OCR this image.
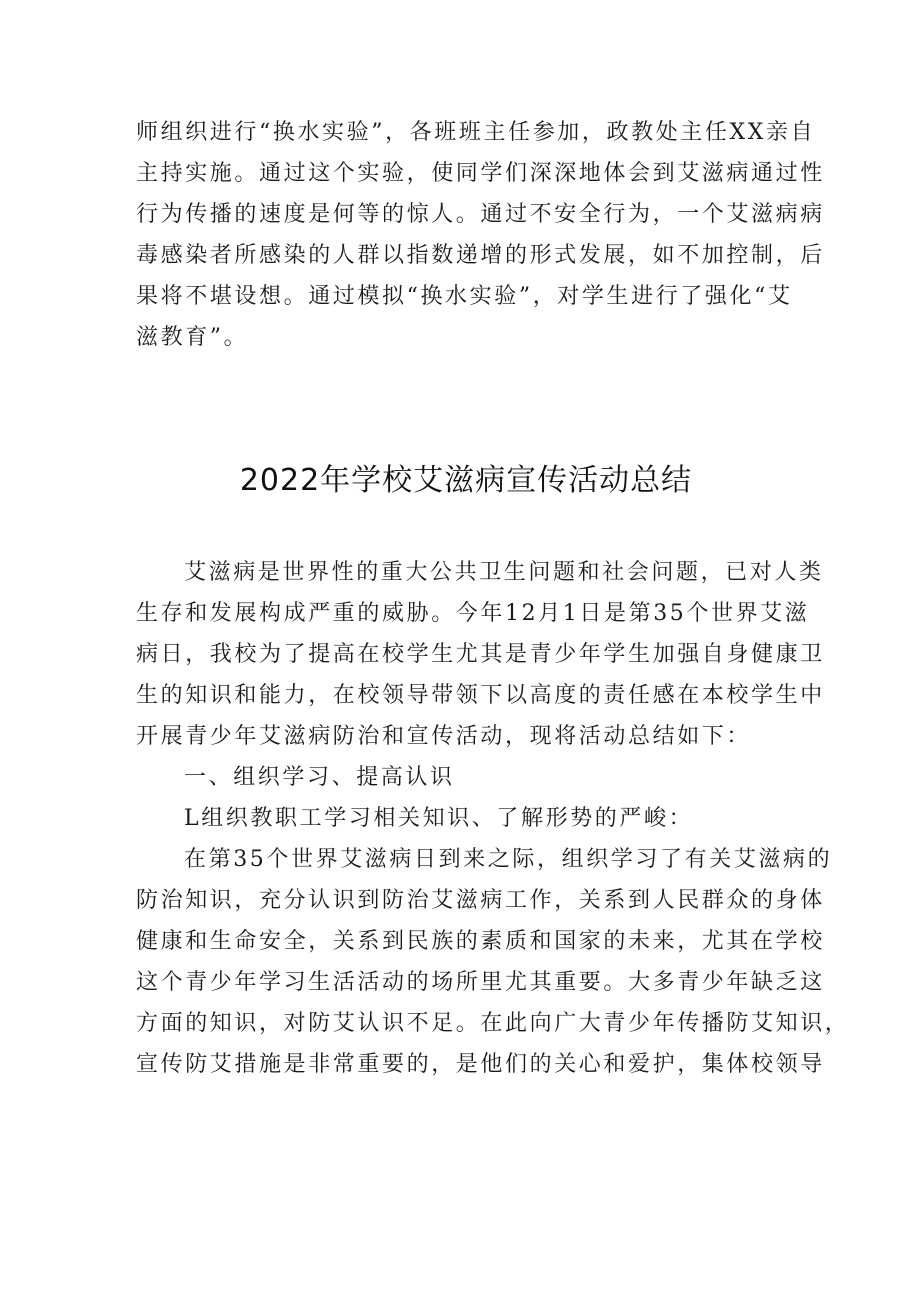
师组织进行“换水实验”，各班班主任参加，政教处主任XX亲自

主持实施。通过这个实验，使同学们深深地体会到艾滋病通过性

行为传播的速度是何等的惊人。通过不安全行为，一个艾滋病病

毒感染者所感染的人群以指数递增的形式发展，如不加控制，后

果将不堪设想。通过模拟“换水实验”，对学生进行了强化“艾

滋教育”。

2022年学校艾滋病宣传活动总结

艾滋病是世界性的重大公共卫生问题和社会问题，已对人类

生存和发展构成严重的威胁。今年12月1日是第35个世界艾滋

病日，我校为了提高在校学生尤其是青少年学生加强自身健康卫

生的知识和能力，在校领导带领下以高度的责任感在本校学生中

开展青少年艾滋病防治和宣传活动，现将活动总结如下：

一、组织学习、提高认识

L组织教职工学习相关知识、了解形势的严峻：

在第35个世界艾滋病日到来之际，组织学习了有关艾滋病的

防治知识，充分认识到防治艾滋病工作，关系到人民群众的身体

健康和生命安全，关系到民族的素质和国家的未来，尤其在学校

这个青少年学习生活活动的场所里尤其重要。大多青少年缺乏这

方面的知识，对防艾认识不足。在此向广大青少年传播防艾知识，

宣传防艾措施是非常重要的，是他们的关心和爱护，集体校领导
